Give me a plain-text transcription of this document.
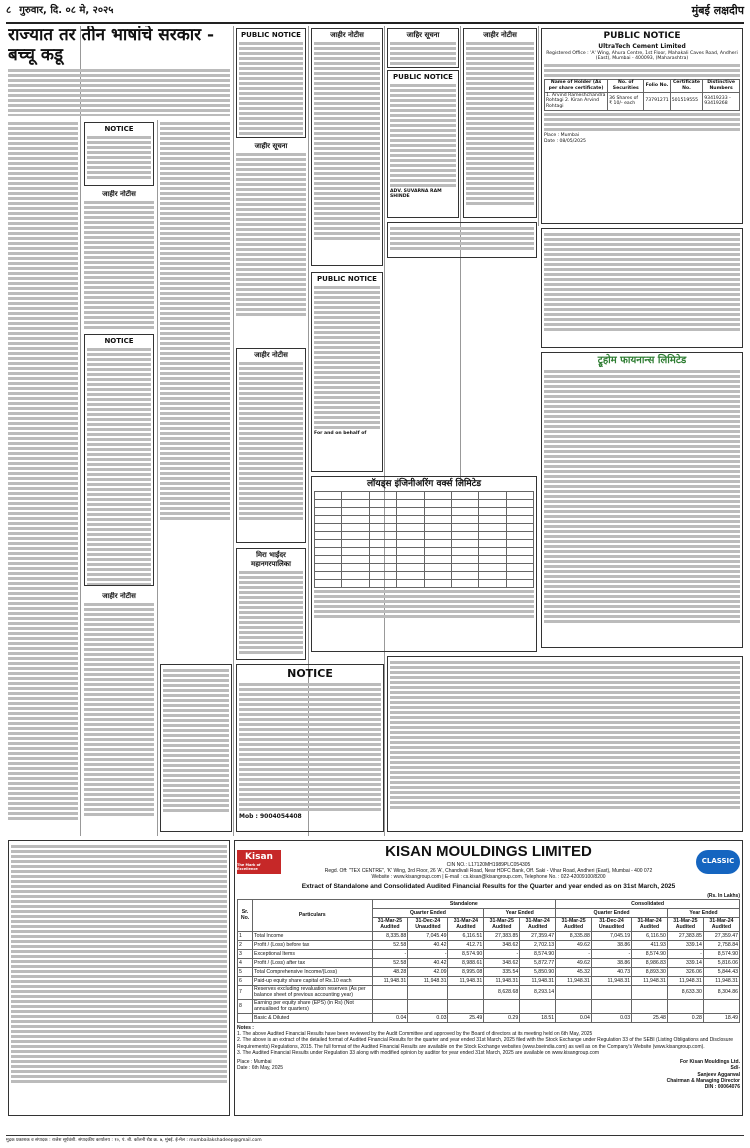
८ गुरुवार, दि. ०८ मे, २०२५	मुंबई लक्षदीप
राज्यात तर तीन भाषांचे सरकार - बच्चू कडू
NOTICE
जाहीर नोटीस
NOTICE
जाहीर नोटीस
PUBLIC NOTICE
जाहीर सूचना
जाहीर नोटीस
मिरा भाईंदर महानगरपालिका
जाहीर नोटीस
PUBLIC NOTICE
For and on behalf of
जाहिर सूचना
PUBLIC NOTICE
ADV. SUVARNA RAM SHINDE
जाहीर नोटीस	PUBLIC NOTICE
UltraTech Cement Limited
Registered Office : 'A' Wing, Ahura Centre, 1st Floor, Mahakali Caves Road, Andheri (East), Mumbai - 400093, (Maharashtra)
Name of Holder (As per share certificate)	No. of Securities	Folio No.	Certificate No.	Distinctive Numbers
1. Arvind Rameshchandra Rohtagi 2. Kiran Arvind Rohtagi	36 Shares of ₹ 10/- each	73791271	501519555	93419233 - 93419268
Place : Mumbai
Date : 08/05/2025
ट्रूहोम फायनान्स लिमिटेड
लॉयड्स इंजिनीअरिंग वर्क्स लिमिटेड

NOTICE
Mob : 9004054408
Kisan
The Mark of Excellence
KISAN MOULDINGS LIMITED
CIN NO.: L17120MH1989PLC054305
Regd. Off: "TEX CENTRE", 'K' Wing, 3rd Floor, 26 'A', Chandivali Road, Near HDFC Bank, Off. Saki - Vihar Road, Andheri (East), Mumbai - 400 072
Website : www.kisangroup.com | E-mail : cs.kisan@kisangroup.com, Telephone No. : 022-42009100/8200
CLASSIC
Extract of Standalone and Consolidated Audited Financial Results for the Quarter and year ended as on 31st March, 2025
(Rs. In Lakhs)
Sr. No.	Particulars	Standalone					Consolidated				
		Quarter Ended			Year Ended		Quarter Ended			Year Ended	
		31-Mar-25 Audited	31-Dec-24 Unaudited	31-Mar-24 Audited	31-Mar-25 Audited	31-Mar-24 Audited	31-Mar-25 Audited	31-Dec-24 Unaudited	31-Mar-24 Audited	31-Mar-25 Audited	31-Mar-24 Audited
1	Total Income	8,335.88	7,045.49	6,116.51	27,383.85	27,359.47	8,335.88	7,045.19	6,116.50	27,383.85	27,359.47
2	Profit / (Loss) before tax	52.58	40.42	412.71	348.62	2,702.13	49.62	38.86	411.93	339.14	2,758.84
3	Exceptional Items	-	-	8,574.90	-	8,574.90	-	-	8,574.90	-	8,574.90
4	Profit / (Loss) after tax	52.58	40.42	8,988.61	348.62	5,872.77	49.62	38.86	8,986.83	339.14	5,816.06
5	Total Comprehensive Income/(Loss)	48.28	42.09	8,995.08	335.54	5,850.90	45.32	40.73	8,893.30	326.06	5,844.43
6	Paid-up equity share capital of Rs.10 each	11,948.31	11,948.31	11,948.31	11,948.31	11,948.31	11,948.31	11,948.31	11,948.31	11,948.31	11,948.31
7	Reserves excluding revaluation reserves (As per balance sheet of previous accounting year)				8,628.68	8,293.14				8,633.30	8,304.86
8	Earning per equity share (EPS) (in Rs) (Not annualised for quarters)										
	Basic & Diluted	0.04	0.03	25.49	0.29	18.51	0.04	0.03	25.48	0.28	18.49
Notes :
1. The above Audited Financial Results have been reviewed by the Audit Committee and approved by the Board of directors at its meeting held on 6th May, 2025
2. The above is an extract of the detailed format of Audited Financial Results for the quarter and year ended 31st March, 2025 filed with the Stock Exchange under Regulation 33 of the SEBI (Listing Obligations and Disclosure Requirements) Regulations, 2015. The full format of the Audited Financial Results are available on the Stock Exchange websites (www.bseindia.com) as well as on the Company's Website (www.kisangroup.com).
3. The Audited Financial Results under Regulation 33 along with modified opinion by auditor for year ended 31st March, 2025 are available on www.kisangroup.com
Place : Mumbai
Date : 6th May, 2025
For Kisan Mouldings Ltd.
Sd/-
Sanjeev Aggarwal
Chairman & Managing Director
DIN : 00064076
मुद्रक प्रकाशक व संपादक : राजेश सूर्यवंशी. संपादकीय कार्यालय : १०, पं. बी. कॉलनी रोड क्र. ७, मुंबई. ई-मेल : mumbailakshadeep@gmail.com
